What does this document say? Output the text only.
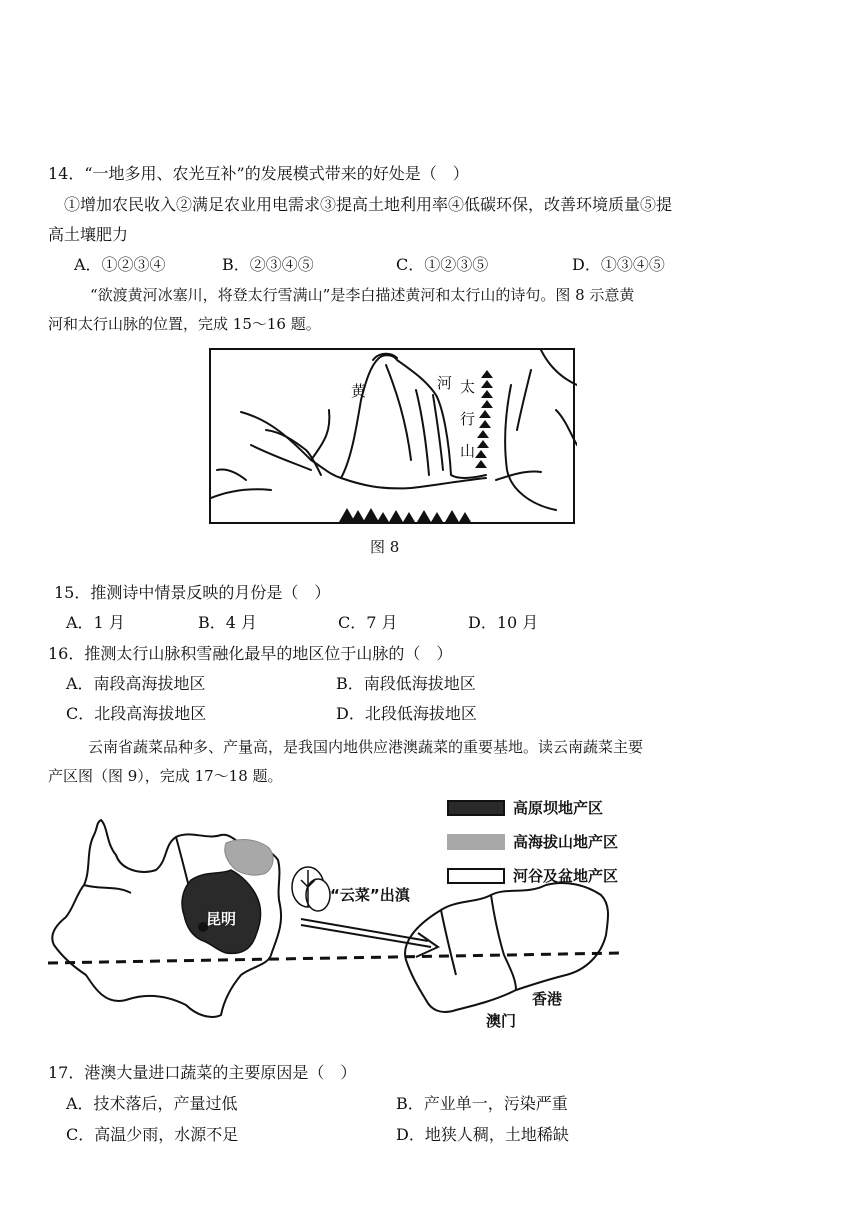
14．“一地多用、农光互补”的发展模式带来的好处是（　）
①增加农民收入②满足农业用电需求③提高土地利用率④低碳环保，改善环境质量⑤提
高土壤肥力
A．①②③④	B．②③④⑤	C．①②③⑤	D．①③④⑤
“欲渡黄河冰塞川，将登太行雪满山”是李白描述黄河和太行山的诗句。图 8 示意黄
河和太行山脉的位置，完成 15～16 题。
黄	河 太
行
山
图 8
15．推测诗中情景反映的月份是（　）
A．1 月	B．4 月	C．7 月	D．10 月
16．推测太行山脉积雪融化最早的地区位于山脉的（　）
A．南段高海拔地区	B．南段低海拔地区
C．北段高海拔地区	D．北段低海拔地区
云南省蔬菜品种多、产量高，是我国内地供应港澳蔬菜的重要基地。读云南蔬菜主要
产区图（图 9），完成 17～18 题。
高原坝地产区
高海拔山地产区
河谷及盆地产区
昆明
“云菜”出滇
香港
澳门
17．港澳大量进口蔬菜的主要原因是（　）
A．技术落后，产量过低	B．产业单一，污染严重
C．高温少雨，水源不足	D．地狭人稠，土地稀缺
